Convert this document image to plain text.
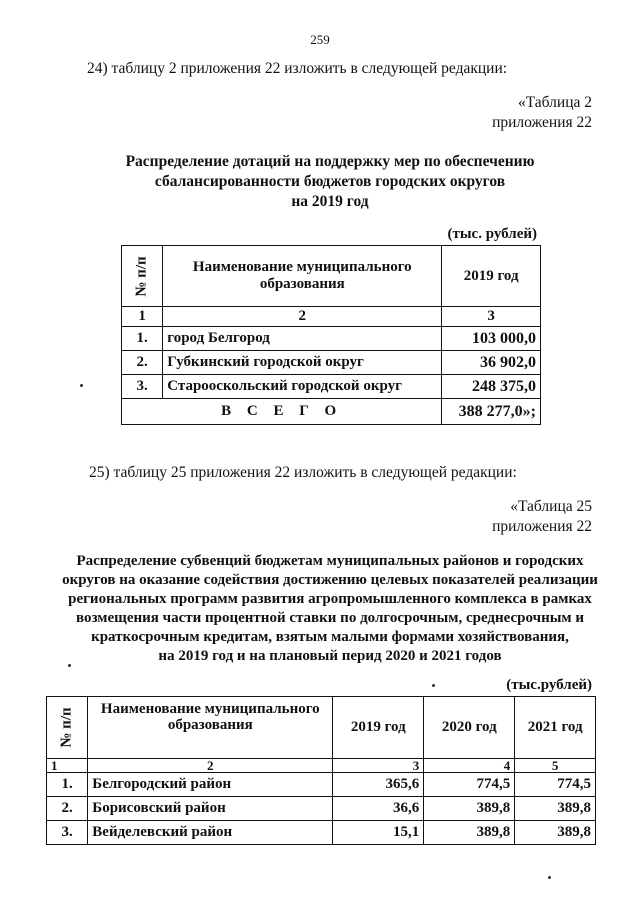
259
24) таблицу 2 приложения 22 изложить в следующей редакции:
«Таблица 2
приложения 22
Распределение дотаций на поддержку мер по обеспечению
сбалансированности бюджетов городских округов
на 2019 год
(тыс. рублей)
№ п/п	Наименование муниципального образования	2019 год
1	2	3
1.	город Белгород	103 000,0
2.	Губкинский городской округ	36 902,0
3.	Старооскольский городской округ	248 375,0
В С Е Г О		388 277,0»;
25) таблицу 25 приложения 22 изложить в следующей редакции:
«Таблица 25
приложения 22
Распределение субвенций бюджетам муниципальных районов и городских
округов на оказание содействия достижению целевых показателей реализации
региональных программ развития агропромышленного комплекса в рамках
возмещения части процентной ставки по долгосрочным, среднесрочным и
краткосрочным кредитам, взятым малыми формами хозяйствования,
на 2019 год и на плановый перид 2020 и 2021 годов
(тыс.рублей)
№ п/п	Наименование муниципального образования	2019 год	2020 год	2021 год
1	2	3	4	5
1.	Белгородский район	365,6	774,5	774,5
2.	Борисовский район	36,6	389,8	389,8
3.	Вейделевский район	15,1	389,8	389,8
